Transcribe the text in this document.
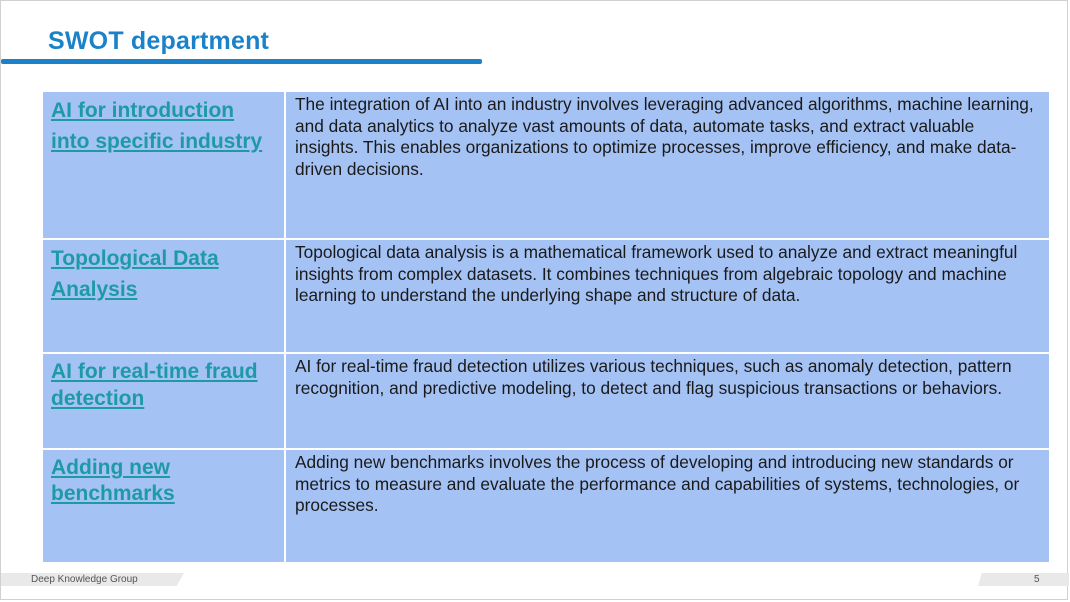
SWOT department
AI for introduction into specific industry
The integration of AI into an industry involves leveraging advanced algorithms, machine learning, and data analytics to analyze vast amounts of data, automate tasks, and extract valuable insights. This enables organizations to optimize processes, improve efficiency, and make data-driven decisions.
Topological Data Analysis
Topological data analysis is a mathematical framework used to analyze and extract meaningful insights from complex datasets. It combines techniques from algebraic topology and machine learning to understand the underlying shape and structure of data.
AI for real-time fraud detection
AI for real-time fraud detection utilizes various techniques, such as anomaly detection, pattern recognition, and predictive modeling, to detect and flag suspicious transactions or behaviors.
Adding new benchmarks
Adding new benchmarks involves the process of developing and introducing new standards or metrics to measure and evaluate the performance and capabilities of systems, technologies, or processes.
Deep Knowledge Group	5
